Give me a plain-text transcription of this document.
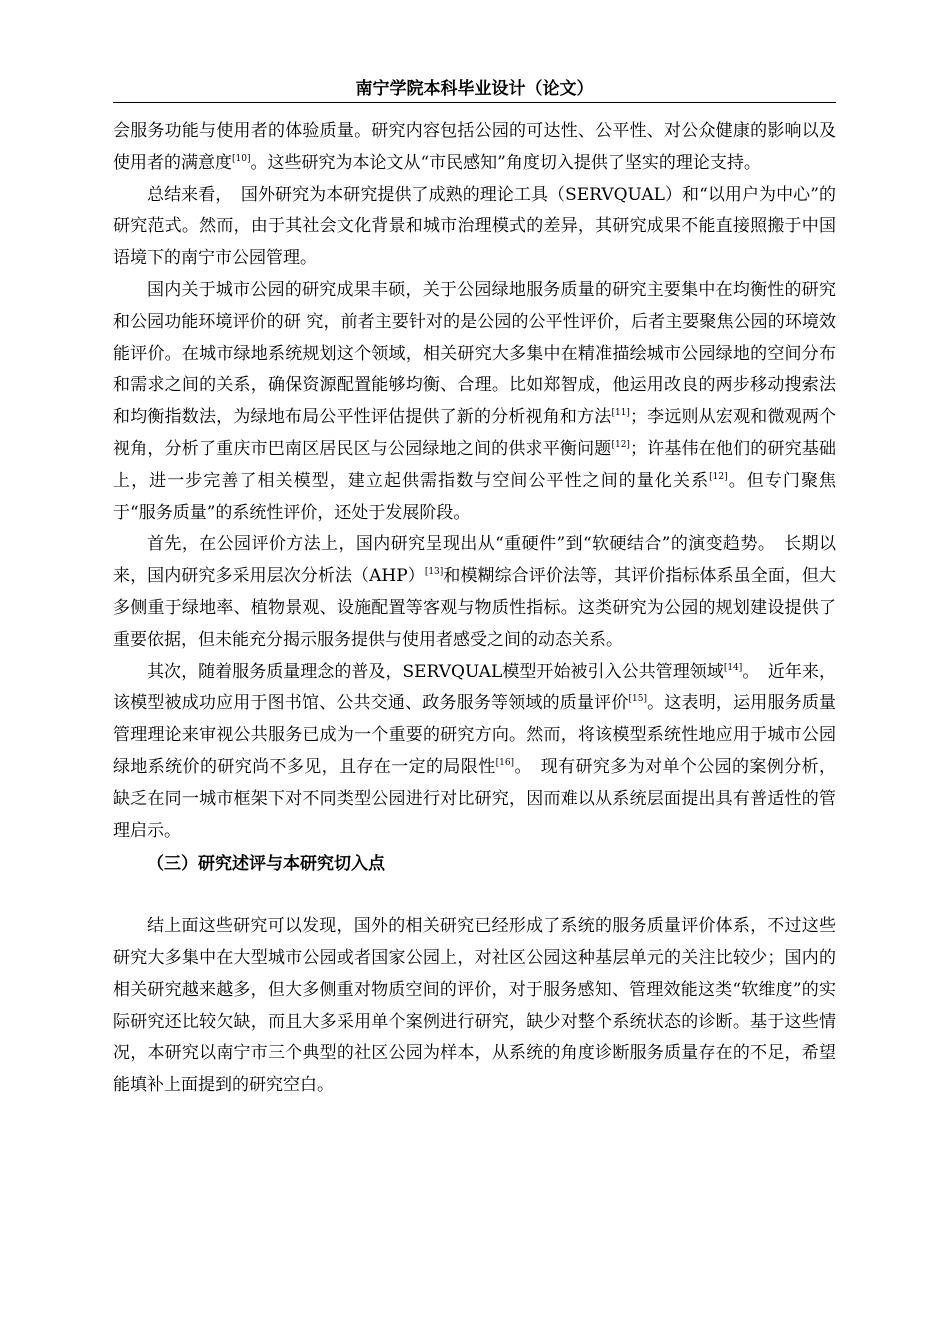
南宁学院本科毕业设计（论文）

会服务功能与使用者的体验质量。研究内容包括公园的可达性、公平性、对公众健康的影响以及使用者的满意度[10]。这些研究为本论文从“市民感知”角度切入提供了坚实的理论支持。

总结来看，　国外研究为本研究提供了成熟的理论工具（SERVQUAL）和“以用户为中心”的研究范式。然而，由于其社会文化背景和城市治理模式的差异，其研究成果不能直接照搬于中国语境下的南宁市公园管理。

国内关于城市公园的研究成果丰硕，关于公园绿地服务质量的研究主要集中在均衡性的研究和公园功能环境评价的研 究，前者主要针对的是公园的公平性评价，后者主要聚焦公园的环境效能评价。在城市绿地系统规划这个领域，相关研究大多集中在精准描绘城市公园绿地的空间分布和需求之间的关系，确保资源配置能够均衡、合理。比如郑智成，他运用改良的两步移动搜索法和均衡指数法，为绿地布局公平性评估提供了新的分析视角和方法[11]；李远则从宏观和微观两个视角，分析了重庆市巴南区居民区与公园绿地之间的供求平衡问题[12]；许基伟在他们的研究基础上，进一步完善了相关模型，建立起供需指数与空间公平性之间的量化关系[12]。但专门聚焦于“服务质量”的系统性评价，还处于发展阶段。

首先，在公园评价方法上，国内研究呈现出从“重硬件”到“软硬结合”的演变趋势。　长期以来，国内研究多采用层次分析法（AHP）[13]和模糊综合评价法等，其评价指标体系虽全面，但大多侧重于绿地率、植物景观、设施配置等客观与物质性指标。这类研究为公园的规划建设提供了重要依据，但未能充分揭示服务提供与使用者感受之间的动态关系。

其次，随着服务质量理念的普及，SERVQUAL模型开始被引入公共管理领域[14]。　近年来，该模型被成功应用于图书馆、公共交通、政务服务等领域的质量评价[15]。这表明，运用服务质量管理理论来审视公共服务已成为一个重要的研究方向。然而，将该模型系统性地应用于城市公园绿地系统价的研究尚不多见，且存在一定的局限性[16]。　现有研究多为对单个公园的案例分析，缺乏在同一城市框架下对不同类型公园进行对比研究，因而难以从系统层面提出具有普适性的管理启示。

（三）研究述评与本研究切入点

结上面这些研究可以发现，国外的相关研究已经形成了系统的服务质量评价体系，不过这些研究大多集中在大型城市公园或者国家公园上，对社区公园这种基层单元的关注比较少；国内的相关研究越来越多，但大多侧重对物质空间的评价，对于服务感知、管理效能这类“软维度”的实际研究还比较欠缺，而且大多采用单个案例进行研究，缺少对整个系统状态的诊断。基于这些情况，本研究以南宁市三个典型的社区公园为样本，从系统的角度诊断服务质量存在的不足，希望能填补上面提到的研究空白。
